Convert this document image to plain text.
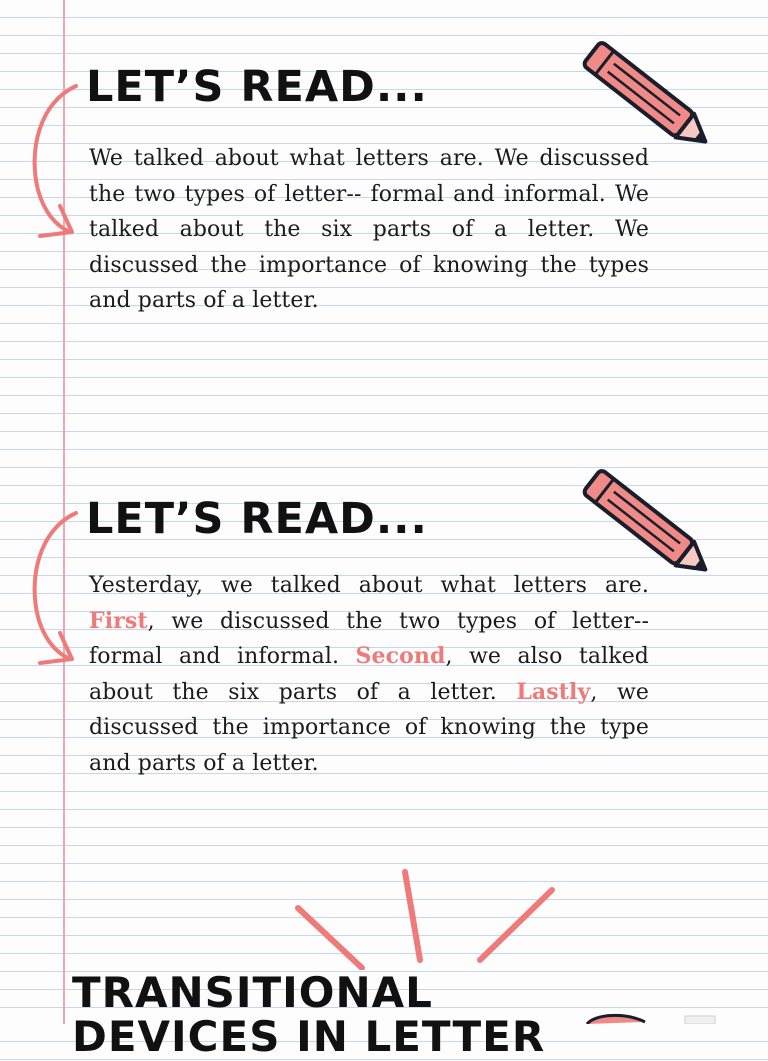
LET’S READ...

We talked about what letters are. We discussed the two types of letter-- formal and informal. We talked about the six parts of a letter. We discussed the importance of knowing the types and parts of a letter.

LET’S READ...

Yesterday, we talked about what letters are. First, we discussed the two types of letter-- formal and informal. Second, we also talked about the six parts of a letter. Lastly, we discussed the importance of knowing the type and parts of a letter.

TRANSITIONAL
DEVICES IN LETTER
